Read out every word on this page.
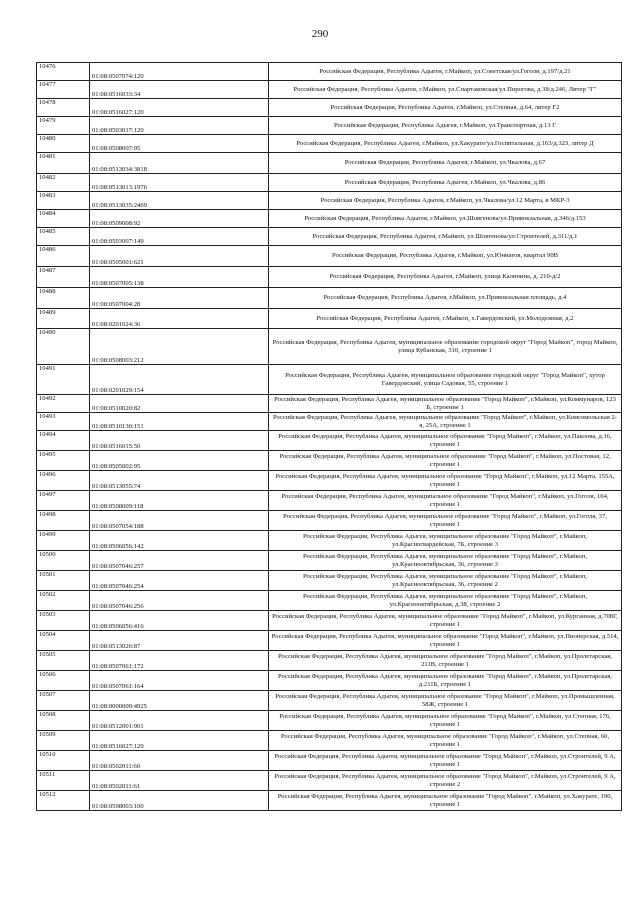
290
10476	01:08:0507074:120	Российская Федерация, Республика Адыгея, г.Майкоп, ул.Советская/ул.Гоголя, д.197/д.21
10477	01:08:0516033:34	Российская Федерация, Республика Адыгея, г.Майкоп, ул.Спартаковская/ул.Пирогова, д.38/д.246, Литер "Г"
10478	01:08:0516027:120	Российская Федерация, Республика Адыгея, г.Майкоп, ул.Степная, д.64, литер Г2
10479	01:08:0503017:120	Российская Федерация, Республика Адыгея, г.Майкоп, ул.Транспортная, д.13 Г
10480	01:08:0508007:95	Российская Федерация, Республика Адыгея, г.Майкоп, ул.Хакурате/ул.Госпитальная, д.163/д.323, литер Д
10481	01:08:0513034:3818	Российская Федерация, Республика Адыгея, г.Майкоп, ул.Чкалова, д.67
10482	01:08:0513013:1976	Российская Федерация, Республика Адыгея, г.Майкоп, ул.Чкалова, д.86
10483	01:08:0513035:2469	Российская Федерация, Республика Адыгея, г.Майкоп, ул.Чкалова/ул.12 Марта, в МКР-3
10484	01:08:0509008:92	Российская Федерация, Республика Адыгея, г.Майкоп, ул.Шовгенова/ул.Привокзальная, д.346/д.153
10485	01:08:0503007:149	Российская Федерация, Республика Адыгея, г.Майкоп, ул.Шовгенова/ул.Строителей, д.311/д.1
10486	01:08:0505001:621	Российская Федерация, Республика Адыгея, г.Майкоп, ул.Юннатов, квартал 90В
10487	01:08:0507005:138	Российская Федерация, Республика Адыгея, г.Майкоп, улица Калинина, д. 210-д/2
10488	01:08:0507004:28	Российская Федерация, Республика Адыгея, г.Майкоп, ул.Привокзальная площадь, д.4
10489	01:08:0201024:36	Российская Федерация, Республика Адыгея, г.Майкоп, х.Гавердовский, ул.Молодежная, д.2
10490	01:08:0508003:212	Российская Федерация, Республика Адыгея, муниципальное образование городской округ "Город Майкоп", город Майкоп, улица Кубанская, 310, строение 1
10491	01:08:0201029:154	Российская Федерация, Республика Адыгея, муниципальное образование городской округ "Город Майкоп", хутор Гавердовский, улица Садовая, 55, строение 1
10492	01:08:0510020:82	Российская Федерация, Республика Адыгея, муниципальное образование "Город Майкоп", г.Майкоп, ул.Коммунаров, 123 Б, строение 1
10493	01:08:0510130:151	Российская Федерация, Республика Адыгея, муниципальное образование "Город Майкоп", г.Майкоп, ул.Комсомольская 2-я, 25А, строение 1
10494	01:08:0516015:50	Российская Федерация, Республика Адыгея, муниципальное образование "Город Майкоп", г.Майкоп, ул.Павлова, д.16, строение 1
10495	01:08:0505002:95	Российская Федерация, Республика Адыгея, муниципальное образование "Город Майкоп", г.Майкоп, ул.Постовая, 12, строение 1
10496	01:08:0513055:74	Российская Федерация, Республика Адыгея, муниципальное образование "Город Майкоп", г.Майкоп, ул.12 Марта, 155А, строение 1
10497	01:08:0508009:118	Российская Федерация, Республика Адыгея, муниципальное образование "Город Майкоп", г.Майкоп, ул.Гоголя, 104, строение 1
10498	01:08:0507054:188	Российская Федерация, Республика Адыгея, муниципальное образование "Город Майкоп", г.Майкоп, ул.Гоголя, 37, строение 1
10499	01:08:0506056:142	Российская Федерация, Республика Адыгея, муниципальное образование "Город Майкоп", г.Майкоп, ул.Красногвардейская, 7Б, строение 3
10500	01:08:0507046:257	Российская Федерация, Республика Адыгея, муниципальное образование "Город Майкоп", г.Майкоп, ул.Краснооктябрьская, 36, строение 3
10501	01:08:0507046:254	Российская Федерация, Республика Адыгея, муниципальное образование "Город Майкоп", г.Майкоп, ул.Краснооктябрьская, 36, строение 2
10502	01:08:0507046:256	Российская Федерация, Республика Адыгея, муниципальное образование "Город Майкоп", г.Майкоп, ул.Краснооктябрьская, д.38, строение 2
10503	01:08:0506056:416	Российская Федерация, Республика Адыгея, муниципальное образование "Город Майкоп", г.Майкоп, ул.Курганная, д.708Г, строение 1
10504	01:08:0513026:87	Российская Федерация, Республика Адыгея, муниципальное образование "Город Майкоп", г.Майкоп, ул.Пионерская, д.514, строение 1
10505	01:08:0507061:172	Российская Федерация, Республика Адыгея, муниципальное образование "Город Майкоп", г.Майкоп, ул.Пролетарская, 211В, строение 1
10506	01:08:0507061:164	Российская Федерация, Республика Адыгея, муниципальное образование "Город Майкоп", г.Майкоп, ул.Пролетарская, д.211Б, строение 1
10507	01:08:0000000:4925	Российская Федерация, Республика Адыгея, муниципальное образование "Город Майкоп", г.Майкоп, ул.Промышленная, 58Ж, строение 1
10508	01:08:0512001:901	Российская Федерация, Республика Адыгея, муниципальное образование "Город Майкоп", г.Майкоп, ул.Степная, 176, строение 1
10509	01:08:0516027:129	Российская Федерация, Республика Адыгея, муниципальное образование "Город Майкоп", г.Майкоп, ул.Степная, 60, строение 1
10510	01:08:0502011:60	Российская Федерация, Республика Адыгея, муниципальное образование "Город Майкоп", г.Майкоп, ул.Строителей, 9 А, строение 1
10511	01:08:0502011:61	Российская Федерация, Республика Адыгея, муниципальное образование "Город Майкоп", г.Майкоп, ул.Строителей, 9 А, строение 2
10512	01:08:0508003:100	Российская Федерация, Республика Адыгея, муниципальное образование "Город Майкоп", г.Майкоп, ул.Хакурате, 190, строение 1
